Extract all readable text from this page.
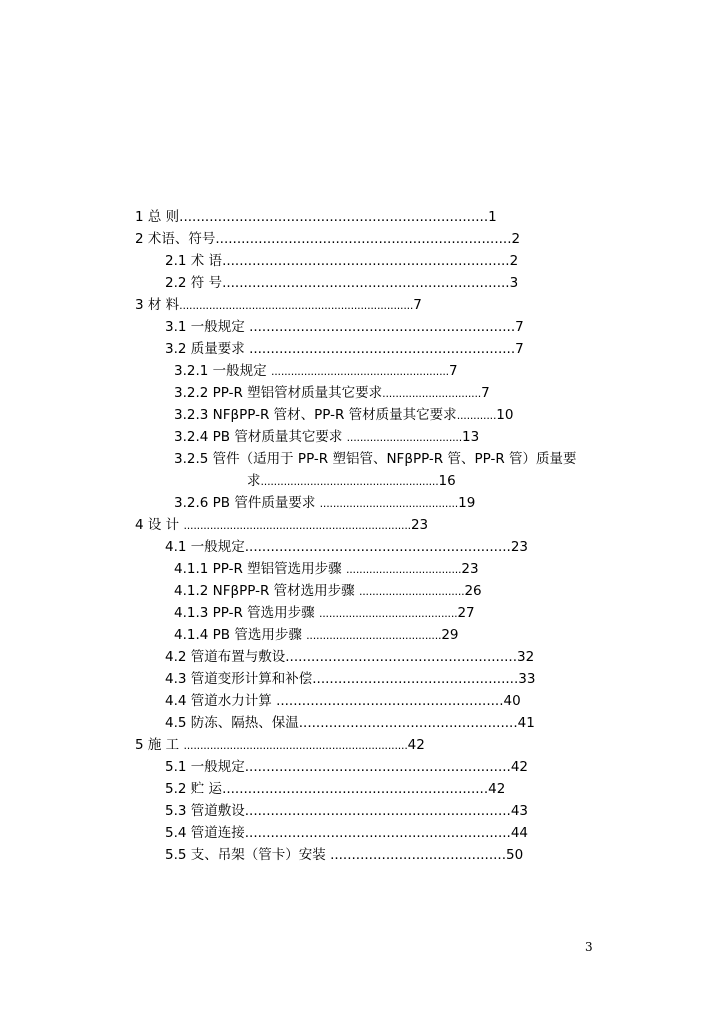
1 总 则........................................................................1
2 术语、符号.....................................................................2
2.1 术 语...................................................................2
2.2 符 号...................................................................3
3 材 料.......................................................................7
3.1 一般规定 ..............................................................7
3.2 质量要求 ..............................................................7
3.2.1 一般规定 ......................................................7
3.2.2 PP-R 塑铝管材质量其它要求..............................7
3.2.3 NFβPP-R 管材、PP-R 管材质量其它要求............10
3.2.4 PB 管材质量其它要求 ...................................13
3.2.5 管件（适用于 PP-R 塑铝管、NFβPP-R 管、PP-R 管）质量要
求......................................................16
3.2.6 PB 管件质量要求 ..........................................19
4 设 计 .....................................................................23
4.1 一般规定..............................................................23
4.1.1 PP-R 塑铝管选用步骤 ...................................23
4.1.2 NFβPP-R 管材选用步骤 ................................26
4.1.3 PP-R 管选用步骤 ..........................................27
4.1.4 PB 管选用步骤 .........................................29
4.2 管道布置与敷设......................................................32
4.3 管道变形计算和补偿................................................33
4.4 管道水力计算 .....................................................40
4.5 防冻、隔热、保温...................................................41
5 施 工 ....................................................................42
5.1 一般规定..............................................................42
5.2 贮 运..............................................................42
5.3 管道敷设..............................................................43
5.4 管道连接..............................................................44
5.5 支、吊架（管卡）安装 .........................................50
3
